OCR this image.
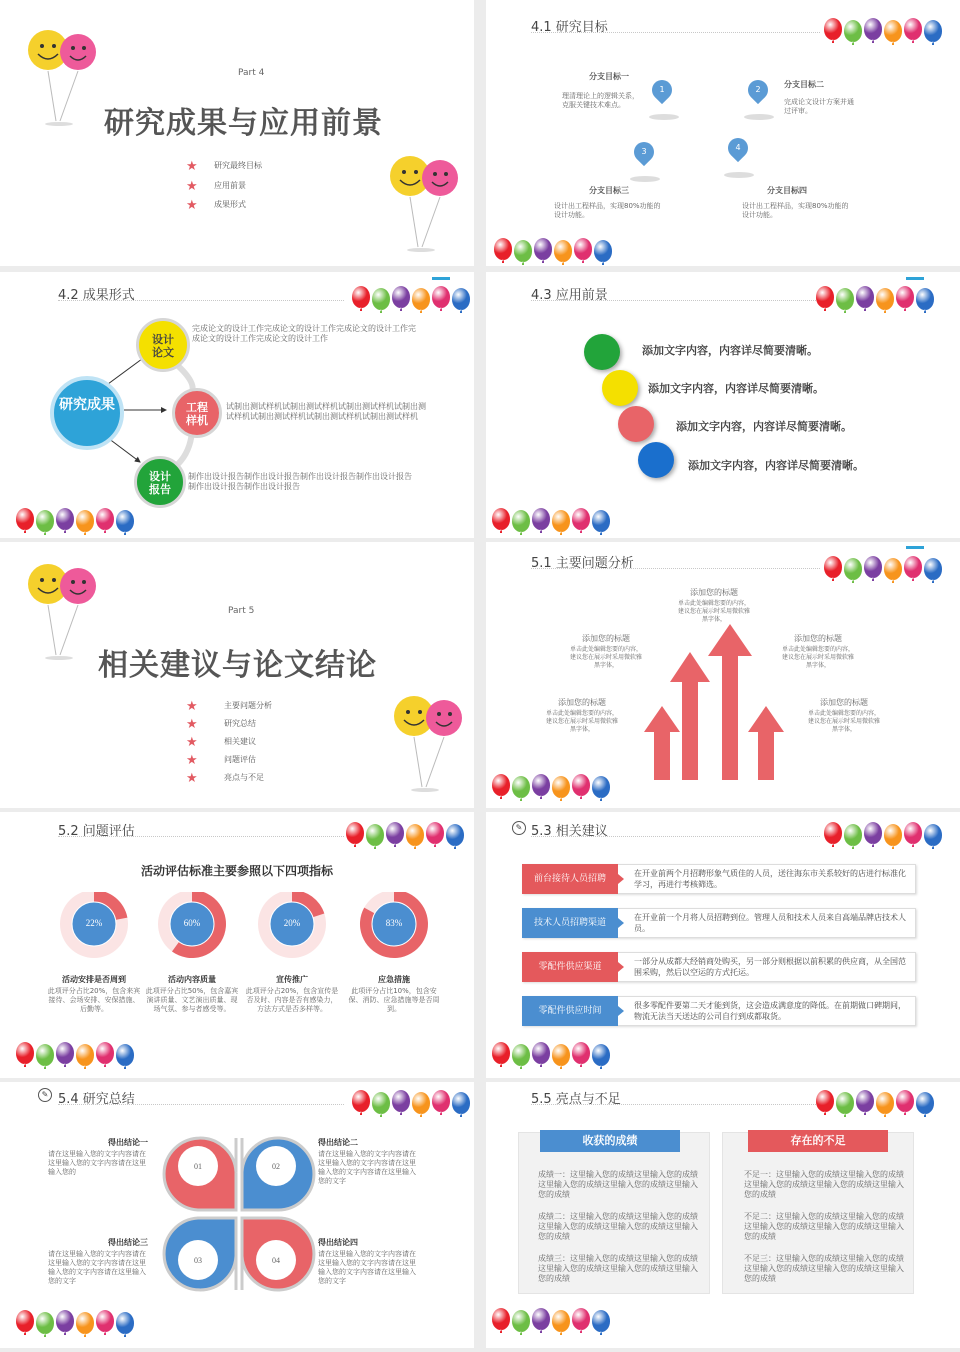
Part 4
研究成果与应用前景
★ 研究最终目标
★ 应用前景
★ 成果形式
4.1 研究目标
分支目标一
理清理论上的逻辑关系，克服关键技术难点。
1
分支目标二
完成论文设计方案并通过评审。
2
3
分支目标三
设计出工程样品，实现80%功能的设计功能。
4
分支目标四
设计出工程样品，实现80%功能的设计功能。
4.2 成果形式
研究成果
设计论文
工程样机
设计报告
完成论文的设计工作完成论文的设计工作完成论文的设计工作完成论文的设计工作完成论文的设计工作
试制出测试样机试制出测试样机试制出测试样机试制出测试样机试制出测试样机试制出测试样机试制出测试样机
制作出设计报告制作出设计报告制作出设计报告制作出设计报告制作出设计报告制作出设计报告
4.3 应用前景
添加文字内容，内容详尽简要清晰。
添加文字内容，内容详尽简要清晰。
添加文字内容，内容详尽简要清晰。
添加文字内容，内容详尽简要清晰。
Part 5
相关建议与论文结论
★	主要问题分析
★	研究总结
★	相关建议
★	问题评估
★	亮点与不足
5.1 主要问题分析
添加您的标题
单击此处编辑您要的内容，建议您在展示时采用微软雅黑字体，
添加您的标题
单击此处编辑您要的内容，建议您在展示时采用微软雅黑字体，
添加您的标题
单击此处编辑您要的内容，建议您在展示时采用微软雅黑字体，
添加您的标题
单击此处编辑您要的内容，建议您在展示时采用微软雅黑字体，
添加您的标题
单击此处编辑您要的内容，建议您在展示时采用微软雅黑字体，
5.2 问题评估
活动评估标准主要参照以下四项指标
22%
活动安排是否周到
此项评分占比20%，包含来宾接待、会场安排、安保措施、后勤等。
60%
活动内容质量
此项评分占比50%，包含嘉宾演讲质量、文艺演出质量、现场气氛、参与者感受等。
20%
宣传推广
此项评分占20%，包含宣传是否及时、内容是否有感染力，方法方式是否多样等。
83%
应急措施
此项评分占比10%，包含安保、消防、应急措施等是否周到。
✎ 5.3 相关建议
前台接待人员招聘
在开业前两个月招聘形象气质佳的人员，送往海东市关系较好的店进行标准化学习，再进行考核筛选。
技术人员招聘渠道
在开业前一个月将人员招聘到位。管理人员和技术人员来自高端品牌店技术人员。
零配件供应渠道
一部分从成都大经销商处购买，另一部分则根据以前积累的供应商，从全国范围采购，然后以空运的方式托运。
零配件供应时间
很多零配件要第二天才能到货，这会造成满意度的降低。在前期做口碑期间，物流无法当天送达的公司自行到成都取货。
✎ 5.4 研究总结
01	02
03	04
得出结论一
请在这里输入您的文字内容请在这里输入您的文字内容请在这里输入您的
得出结论二
请在这里输入您的文字内容请在这里输入您的文字内容请在这里输入您的文字内容请在这里输入您的文字
得出结论三
请在这里输入您的文字内容请在这里输入您的文字内容请在这里输入您的文字内容请在这里输入您的文字
得出结论四
请在这里输入您的文字内容请在这里输入您的文字内容请在这里输入您的文字内容请在这里输入您的文字
5.5 亮点与不足
收获的成绩
成绩一：这里输入您的成绩这里输入您的成绩这里输入您的成绩这里输入您的成绩这里输入您的成绩
成绩二：这里输入您的成绩这里输入您的成绩这里输入您的成绩这里输入您的成绩这里输入您的成绩
成绩三：这里输入您的成绩这里输入您的成绩这里输入您的成绩这里输入您的成绩这里输入您的成绩
存在的不足
不足一：这里输入您的成绩这里输入您的成绩这里输入您的成绩这里输入您的成绩这里输入您的成绩
不足二：这里输入您的成绩这里输入您的成绩这里输入您的成绩这里输入您的成绩这里输入您的成绩
不足三：这里输入您的成绩这里输入您的成绩这里输入您的成绩这里输入您的成绩这里输入您的成绩
